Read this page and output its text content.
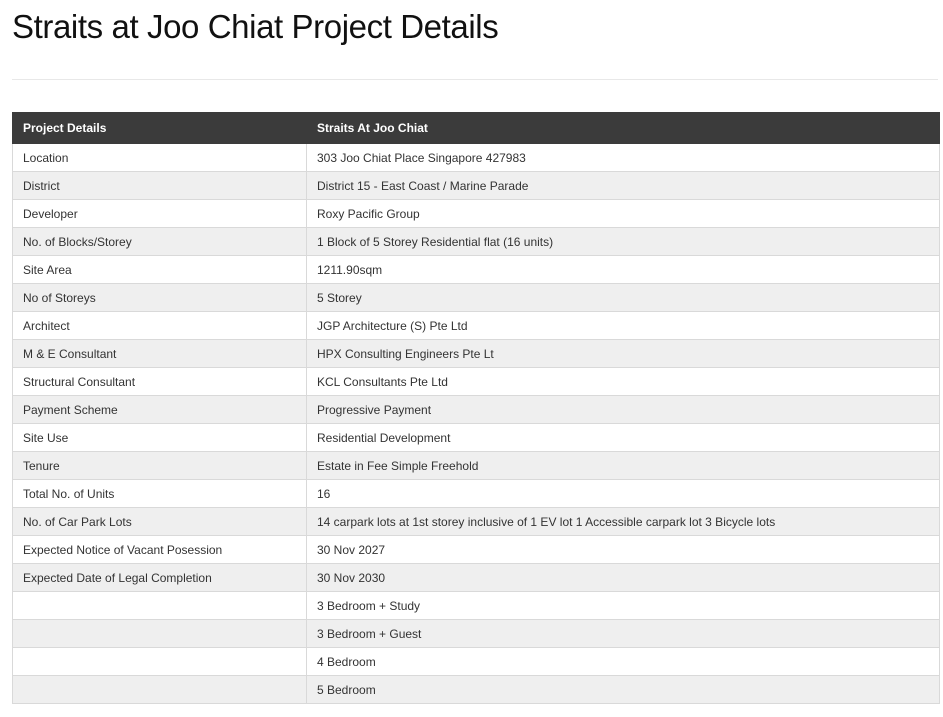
Straits at Joo Chiat Project Details
Project Details	Straits At Joo Chiat
Location	303 Joo Chiat Place Singapore 427983
District	District 15 - East Coast / Marine Parade
Developer	Roxy Pacific Group
No. of Blocks/Storey	1 Block of 5 Storey Residential flat (16 units)
Site Area	1211.90sqm
No of Storeys	5 Storey
Architect	JGP Architecture (S) Pte Ltd
M & E Consultant	HPX Consulting Engineers Pte Lt
Structural Consultant	KCL Consultants Pte Ltd
Payment Scheme	Progressive Payment
Site Use	Residential Development
Tenure	Estate in Fee Simple Freehold
Total No. of Units	16
No. of Car Park Lots	14 carpark lots at 1st storey inclusive of 1 EV lot 1 Accessible carpark lot 3 Bicycle lots
Expected Notice of Vacant Posession	30 Nov 2027
Expected Date of Legal Completion	30 Nov 2030
	3 Bedroom + Study
	3 Bedroom + Guest
	4 Bedroom
	5 Bedroom
